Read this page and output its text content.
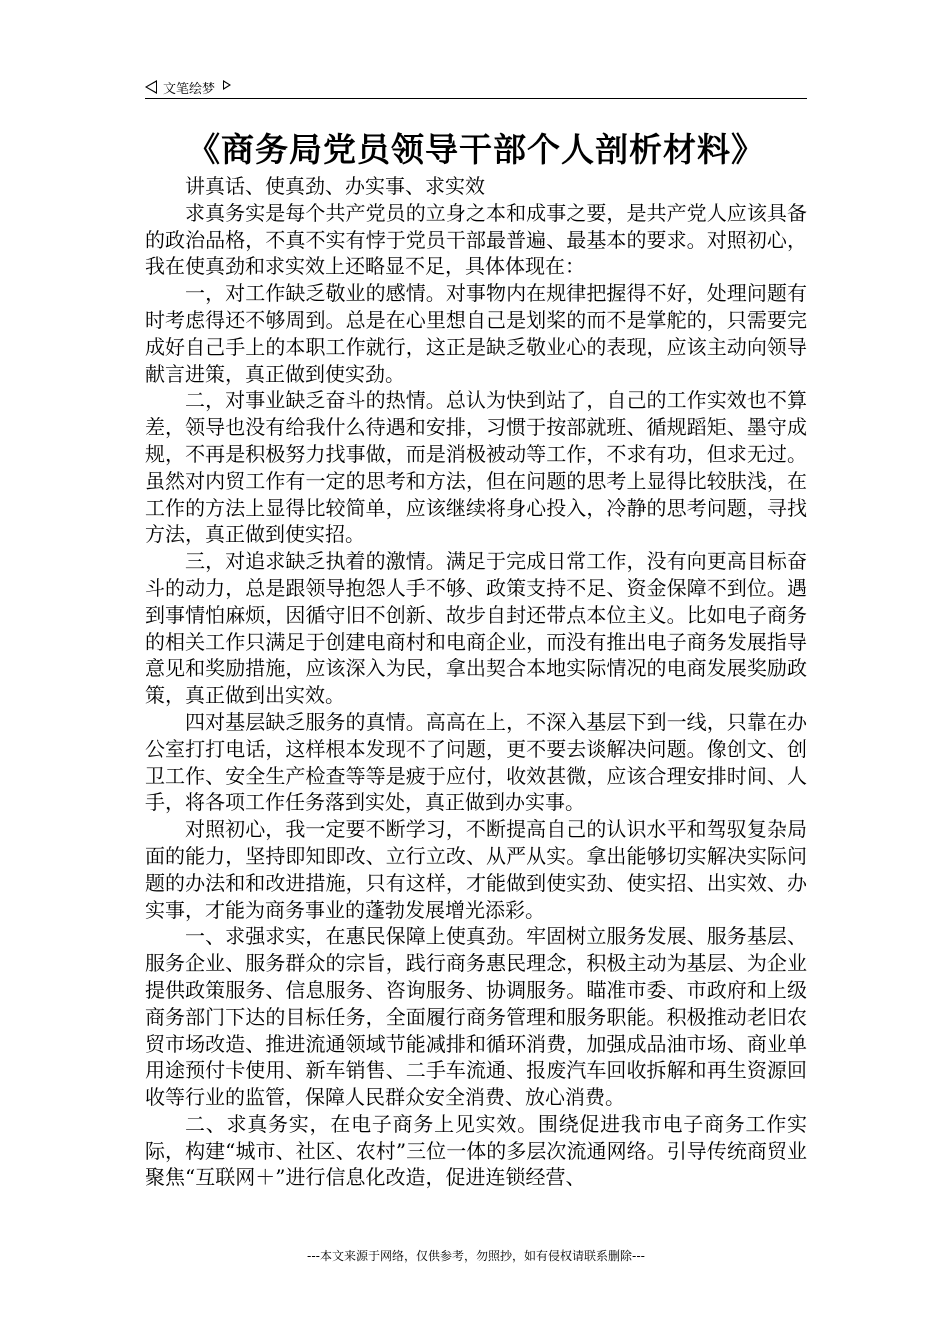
文笔绘梦
《商务局党员领导干部个人剖析材料》

讲真话、使真劲、办实事、求实效

求真务实是每个共产党员的立身之本和成事之要，是共产党人应该具备的政治品格，不真不实有悖于党员干部最普遍、最基本的要求。对照初心，我在使真劲和求实效上还略显不足，具体体现在：

一，对工作缺乏敬业的感情。对事物内在规律把握得不好，处理问题有时考虑得还不够周到。总是在心里想自己是划桨的而不是掌舵的，只需要完成好自己手上的本职工作就行，这正是缺乏敬业心的表现，应该主动向领导献言进策，真正做到使实劲。

二，对事业缺乏奋斗的热情。总认为快到站了，自己的工作实效也不算差，领导也没有给我什么待遇和安排，习惯于按部就班、循规蹈矩、墨守成规，不再是积极努力找事做，而是消极被动等工作，不求有功，但求无过。虽然对内贸工作有一定的思考和方法，但在问题的思考上显得比较肤浅，在工作的方法上显得比较简单，应该继续将身心投入，冷静的思考问题，寻找方法，真正做到使实招。

三，对追求缺乏执着的激情。满足于完成日常工作，没有向更高目标奋斗的动力，总是跟领导抱怨人手不够、政策支持不足、资金保障不到位。遇到事情怕麻烦，因循守旧不创新、故步自封还带点本位主义。比如电子商务的相关工作只满足于创建电商村和电商企业，而没有推出电子商务发展指导意见和奖励措施，应该深入为民，拿出契合本地实际情况的电商发展奖励政策，真正做到出实效。

四对基层缺乏服务的真情。高高在上，不深入基层下到一线，只靠在办公室打打电话，这样根本发现不了问题，更不要去谈解决问题。像创文、创卫工作、安全生产检查等等是疲于应付，收效甚微，应该合理安排时间、人手，将各项工作任务落到实处，真正做到办实事。

对照初心，我一定要不断学习，不断提高自己的认识水平和驾驭复杂局面的能力，坚持即知即改、立行立改、从严从实。拿出能够切实解决实际问题的办法和和改进措施，只有这样，才能做到使实劲、使实招、出实效、办实事，才能为商务事业的蓬勃发展增光添彩。

一、求强求实，在惠民保障上使真劲。牢固树立服务发展、服务基层、服务企业、服务群众的宗旨，践行商务惠民理念，积极主动为基层、为企业提供政策服务、信息服务、咨询服务、协调服务。瞄准市委、市政府和上级商务部门下达的目标任务，全面履行商务管理和服务职能。积极推动老旧农贸市场改造、推进流通领域节能减排和循环消费，加强成品油市场、商业单用途预付卡使用、新车销售、二手车流通、报废汽车回收拆解和再生资源回收等行业的监管，保障人民群众安全消费、放心消费。

二、求真务实，在电子商务上见实效。围绕促进我市电子商务工作实际，构建“城市、社区、农村”三位一体的多层次流通网络。引导传统商贸业聚焦“互联网＋”进行信息化改造，促进连锁经营、

---本文来源于网络，仅供参考，勿照抄，如有侵权请联系删除---
